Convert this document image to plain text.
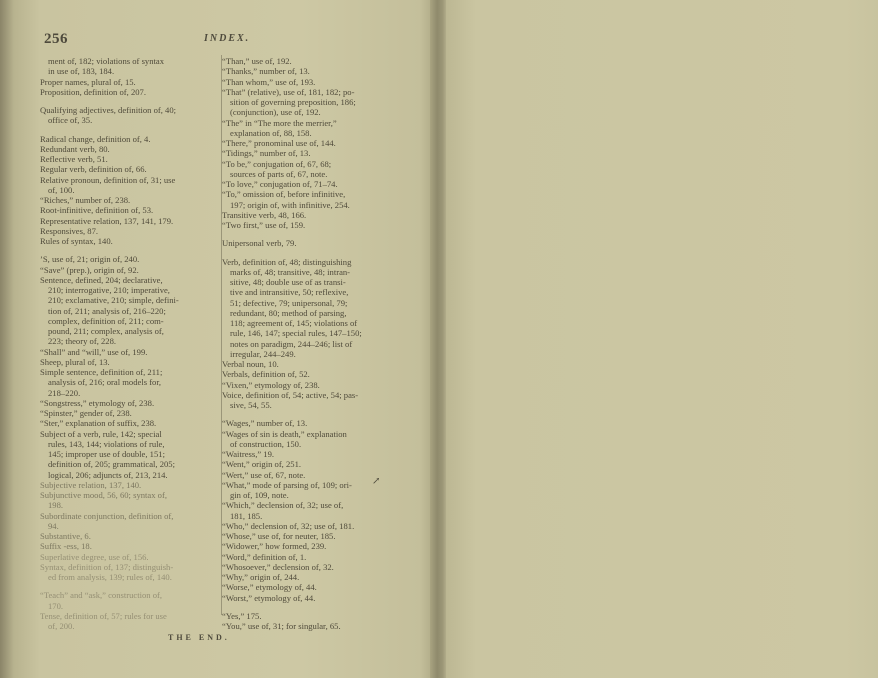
256	INDEX.
ment of, 182; violations of syntax
in use of, 183, 184.
Proper names, plural of, 15.
Proposition, definition of, 207.
Qualifying adjectives, definition of, 40;
office of, 35.
Radical change, definition of, 4.
Redundant verb, 80.
Reflective verb, 51.
Regular verb, definition of, 66.
Relative pronoun, definition of, 31; use
of, 100.
“Riches,” number of, 238.
Root-infinitive, definition of, 53.
Representative relation, 137, 141, 179.
Responsives, 87.
Rules of syntax, 140.
’S, use of, 21; origin of, 240.
“Save” (prep.), origin of, 92.
Sentence, defined, 204; declarative,
210; interrogative, 210; imperative,
210; exclamative, 210; simple, defini-
tion of, 211; analysis of, 216–220;
complex, definition of, 211; com-
pound, 211; complex, analysis of,
223; theory of, 228.
“Shall” and “will,” use of, 199.
Sheep, plural of, 13.
Simple sentence, definition of, 211;
analysis of, 216; oral models for,
218–220.
“Songstress,” etymology of, 238.
“Spinster,” gender of, 238.
“Ster,” explanation of suffix, 238.
Subject of a verb, rule, 142; special
rules, 143, 144; violations of rule,
145; improper use of double, 151;
definition of, 205; grammatical, 205;
logical, 206; adjuncts of, 213, 214.
Subjective relation, 137, 140.
Subjunctive mood, 56, 60; syntax of,
198.
Subordinate conjunction, definition of,
94.
Substantive, 6.
Suffix -ess, 18.
Superlative degree, use of, 156.
Syntax, definition of, 137; distinguish-
ed from analysis, 139; rules of, 140.
“Teach” and “ask,” construction of,
170.
Tense, definition of, 57; rules for use
of, 200.
“Than,” use of, 192.
“Thanks,” number of, 13.
“Than whom,” use of, 193.
“That” (relative), use of, 181, 182; po-
sition of governing preposition, 186;
(conjunction), use of, 192.
“The” in “The more the merrier,”
explanation of, 88, 158.
“There,” pronominal use of, 144.
“Tidings,” number of, 13.
“To be,” conjugation of, 67, 68;
sources of parts of, 67, note.
“To love,” conjugation of, 71–74.
“To,” omission of, before infinitive,
197; origin of, with infinitive, 254.
Transitive verb, 48, 166.
“Two first,” use of, 159.
Unipersonal verb, 79.
Verb, definition of, 48; distinguishing
marks of, 48; transitive, 48; intran-
sitive, 48; double use of as transi-
tive and intransitive, 50; reflexive,
51; defective, 79; unipersonal, 79;
redundant, 80; method of parsing,
118; agreement of, 145; violations of
rule, 146, 147; special rules, 147–150;
notes on paradigm, 244–246; list of
irregular, 244–249.
Verbal noun, 10.
Verbals, definition of, 52.
“Vixen,” etymology of, 238.
Voice, definition of, 54; active, 54; pas-
sive, 54, 55.
“Wages,” number of, 13.
“Wages of sin is death,” explanation
of construction, 150.
“Waitress,” 19.
“Went,” origin of, 251.
“Wert,” use of, 67, note.
“What,” mode of parsing of, 109; ori-
gin of, 109, note.
“Which,” declension of, 32; use of,
181, 185.
“Who,” declension of, 32; use of, 181.
“Whose,” use of, for neuter, 185.
“Widower,” how formed, 239.
“Word,” definition of, 1.
“Whosoever,” declension of, 32.
“Why,” origin of, 244.
“Worse,” etymology of, 44.
“Worst,” etymology of, 44.
“Yes,” 175.
“You,” use of, 31; for singular, 65.
↗
THE END.
